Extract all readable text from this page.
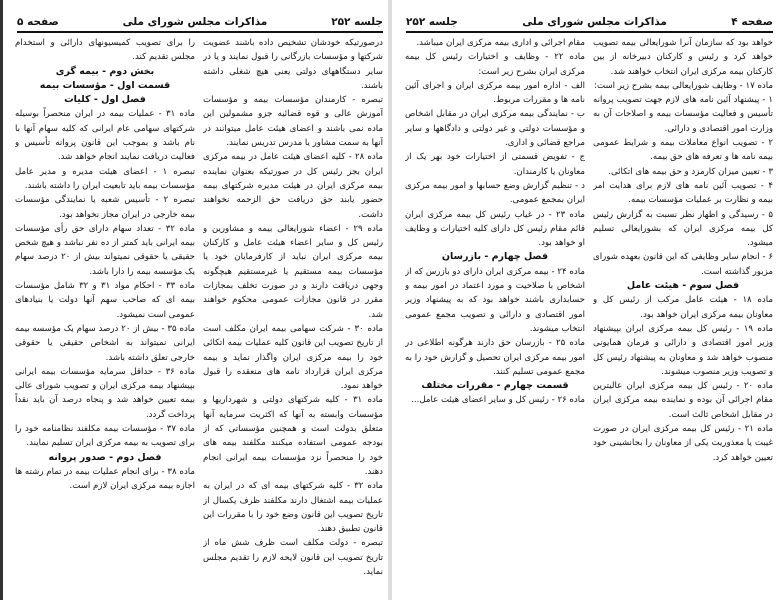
جلسه ۲۵۲
مذاکرات مجلس شورای ملی
صفحه ۵

درصورتیکه خودشان تشخیص داده باشند عضویت شرکتها و مؤسسات بازرگانی را قبول نمایند و یا در سایر دستگاههای دولتی یعنی هیچ شغلی داشته باشند.

تبصره - کارمندان مؤسسات بیمه و مؤسسات آموزش عالی و قوه قضائیه جزو مشمولین این ماده نمی باشند و اعضای هیئت عامل میتوانند در آنها به سمت مشاور یا مدرس تدریس نمایند.

ماده ۲۸ - کلیه اعضای هیئت عامل در بیمه مرکزی ایران بجز رئیس کل در صورتیکه بعنوان نماینده بیمه مرکزی ایران در هیئت مدیره شرکتهای بیمه حضور یابند حق دریافت حق الزحمه نخواهند داشت.

ماده ۲۹ - اعضاء شورایعالی بیمه و مشاورین و رئیس کل و سایر اعضاء هیئت عامل و کارکنان بیمه مرکزی ایران نباید از کارفرمایان خود یا مؤسسات بیمه مستقیم یا غیرمستقیم هیچگونه وجهی دریافت دارند و در صورت تخلف بمجازات مقرر در قانون مجازات عمومی محکوم خواهند شد.

ماده ۳۰ - شرکت سهامی بیمه ایران مکلف است از تاریخ تصویب این قانون کلیه عملیات بیمه اتکائی خود را بیمه مرکزی ایران واگذار نماید و بیمه مرکزی ایران قرارداد نامه های منعقده را قبول خواهد نمود.

ماده ۳۱ - کلیه شرکتهای دولتی و شهرداریها و مؤسسات وابسته به آنها که اکثریت سرمایه آنها متعلق بدولت است و همچنین مؤسساتی که از بودجه عمومی استفاده میکنند مکلفند بیمه های خود را منحصراً نزد مؤسسات بیمه ایرانی انجام دهند.

ماده ۳۲ - کلیه شرکتهای بیمه ای که در ایران به عملیات بیمه اشتغال دارند مکلفند ظرف یکسال از تاریخ تصویب این قانون وضع خود را با مقررات این قانون تطبیق دهند.

تبصره - دولت مکلف است ظرف شش ماه از تاریخ تصویب این قانون لایحه لازم را تقدیم مجلس نماید.

را برای تصویب کمیسیونهای دارائی و استخدام مجلس تقدیم کند.

بخش دوم - بیمه گری

قسمت اول - مؤسسات بیمه

فصل اول - کلیات

ماده ۳۱ - عملیات بیمه در ایران منحصراً بوسیله شرکتهای سهامی عام ایرانی که کلیه سهام آنها با نام باشد و بموجب این قانون پروانه تأسیس و فعالیت دریافت نمایند انجام خواهد شد.

تبصره ۱ - اعضای هیئت مدیره و مدیر عامل مؤسسات بیمه باید تابعیت ایران را داشته باشند.

تبصره ۲ - تأسیس شعبه یا نمایندگی مؤسسات بیمه خارجی در ایران مجاز نخواهد بود.

ماده ۳۲ - تعداد سهام دارای حق رأی مؤسسات بیمه ایرانی باید کمتر از ده نفر نباشد و هیچ شخص حقیقی یا حقوقی نمیتواند بیش از ۲۰ درصد سهام یک مؤسسه بیمه را دارا باشد.

ماده ۳۳ - احکام مواد ۳۱ و ۳۲ شامل مؤسسات بیمه ای که صاحب سهم آنها دولت یا بنیادهای عمومی است نمیشود.

ماده ۳۵ - بیش از ۲۰ درصد سهام یک مؤسسه بیمه ایرانی نمیتواند به اشخاص حقیقی یا حقوقی خارجی تعلق داشته باشد.

ماده ۳۶ - حداقل سرمایه مؤسسات بیمه ایرانی بپیشنهاد بیمه مرکزی ایران و تصویب شورای عالی بیمه تعیین خواهد شد و پنجاه درصد آن باید نقداً پرداخت گردد.

ماده ۳۷ - مؤسسات بیمه مکلفند نظامنامه خود را برای تصویب به بیمه مرکزی ایران تسلیم نمایند.

فصل دوم - صدور پروانه

ماده ۳۸ - برای انجام عملیات بیمه در تمام رشته ها اجازه بیمه مرکزی ایران لازم است.

صفحه ۴
مذاکرات مجلس شورای ملی
جلسه ۲۵۲

خواهد بود که سازمان آنرا شورایعالی بیمه تصویب خواهد کرد و رئیس و کارکنان دبیرخانه از بین کارکنان بیمه مرکزی ایران انتخاب خواهند شد.

ماده ۱۷ - وظایف شورایعالی بیمه بشرح زیر است:

۱ - پیشنهاد آئین نامه های لازم جهت تصویب پروانه تأسیس و فعالیت مؤسسات بیمه و اصلاحات آن به وزارت امور اقتصادی و دارائی.

۲ - تصویب انواع معاملات بیمه و شرایط عمومی بیمه نامه ها و تعرفه های حق بیمه.

۳ - تعیین میزان کارمزد و حق بیمه های اتکائی.

۴ - تصویب آئین نامه های لازم برای هدایت امر بیمه و نظارت بر عملیات مؤسسات بیمه.

۵ - رسیدگی و اظهار نظر نسبت به گزارش رئیس کل بیمه مرکزی ایران که بشورایعالی تسلیم میشود.

۶ - انجام سایر وظایفی که این قانون بعهده شورای مزبور گذاشته است.

فصل سوم - هیئت عامل

ماده ۱۸ - هیئت عامل مرکب از رئیس کل و معاونان بیمه مرکزی ایران خواهد بود.

ماده ۱۹ - رئیس کل بیمه مرکزی ایران بپیشنهاد وزیر امور اقتصادی و دارائی و فرمان همایونی منصوب خواهد شد و معاونان به پیشنهاد رئیس کل و تصویب وزیر منصوب میشوند.

ماده ۲۰ - رئیس کل بیمه مرکزی ایران عالیترین مقام اجرائی آن بوده و نماینده بیمه مرکزی ایران در مقابل اشخاص ثالث است.

ماده ۲۱ - رئیس کل بیمه مرکزی ایران در صورت غیبت یا معذوریت یکی از معاونان را بجانشینی خود تعیین خواهد کرد.

مقام اجرائی و اداری بیمه مرکزی ایران میباشد.

ماده ۲۲ - وظایف و اختیارات رئیس کل بیمه مرکزی ایران بشرح زیر است:

الف - اداره امور بیمه مرکزی ایران و اجرای آئین نامه ها و مقررات مربوط.

ب - نمایندگی بیمه مرکزی ایران در مقابل اشخاص و مؤسسات دولتی و غیر دولتی و دادگاهها و سایر مراجع قضائی و اداری.

ج - تفویض قسمتی از اختیارات خود بهر یک از معاونان یا کارمندان.

د - تنظیم گزارش وضع حسابها و امور بیمه مرکزی ایران بمجمع عمومی.

ماده ۲۳ - در غیاب رئیس کل بیمه مرکزی ایران قائم مقام رئیس کل دارای کلیه اختیارات و وظایف او خواهد بود.

فصل چهارم - بازرسان

ماده ۲۴ - بیمه مرکزی ایران دارای دو بازرس که از اشخاص با صلاحیت و مورد اعتماد در امور بیمه و حسابداری باشند خواهد بود که به پیشنهاد وزیر امور اقتصادی و دارائی و تصویب مجمع عمومی انتخاب میشوند.

ماده ۲۵ - بازرسان حق دارند هرگونه اطلاعی در امور بیمه مرکزی ایران تحصیل و گزارش خود را به مجمع عمومی تسلیم کنند.

قسمت چهارم - مقررات مختلف

ماده ۲۶ - رئیس کل و سایر اعضای هیئت عامل...
